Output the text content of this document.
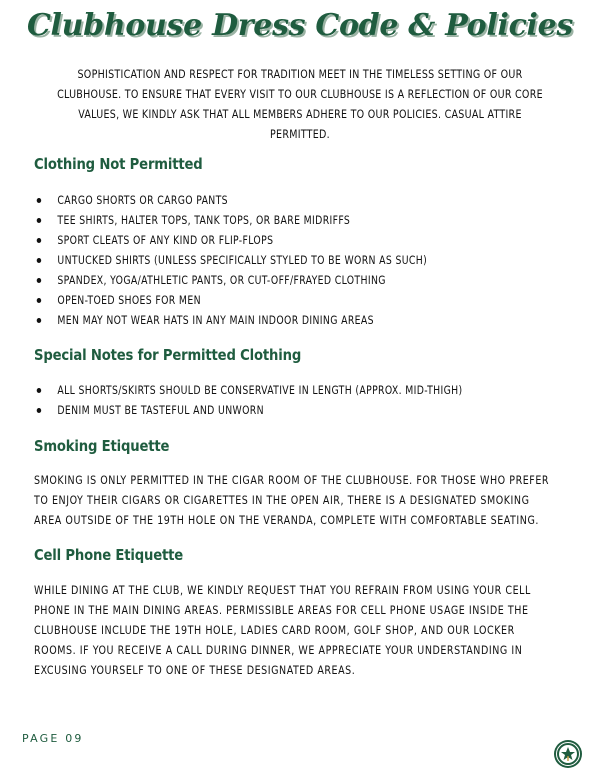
Clubhouse Dress Code & Policies
SOPHISTICATION AND RESPECT FOR TRADITION MEET IN THE TIMELESS SETTING OF OUR CLUBHOUSE. TO ENSURE THAT EVERY VISIT TO OUR CLUBHOUSE IS A REFLECTION OF OUR CORE VALUES, WE KINDLY ASK THAT ALL MEMBERS ADHERE TO OUR POLICIES. CASUAL ATTIRE PERMITTED.
Clothing Not Permitted
CARGO SHORTS OR CARGO PANTS
TEE SHIRTS, HALTER TOPS, TANK TOPS, OR BARE MIDRIFFS
SPORT CLEATS OF ANY KIND OR FLIP-FLOPS
UNTUCKED SHIRTS (UNLESS SPECIFICALLY STYLED TO BE WORN AS SUCH)
SPANDEX, YOGA/ATHLETIC PANTS, OR CUT-OFF/FRAYED CLOTHING
OPEN-TOED SHOES FOR MEN
MEN MAY NOT WEAR HATS IN ANY MAIN INDOOR DINING AREAS
Special Notes for Permitted Clothing
ALL SHORTS/SKIRTS SHOULD BE CONSERVATIVE IN LENGTH (APPROX. MID-THIGH)
DENIM MUST BE TASTEFUL AND UNWORN
Smoking Etiquette
SMOKING IS ONLY PERMITTED IN THE CIGAR ROOM OF THE CLUBHOUSE. FOR THOSE WHO PREFER TO ENJOY THEIR CIGARS OR CIGARETTES IN THE OPEN AIR, THERE IS A DESIGNATED SMOKING AREA OUTSIDE OF THE 19TH HOLE ON THE VERANDA, COMPLETE WITH COMFORTABLE SEATING.
Cell Phone Etiquette
WHILE DINING AT THE CLUB, WE KINDLY REQUEST THAT YOU REFRAIN FROM USING YOUR CELL PHONE IN THE MAIN DINING AREAS. PERMISSIBLE AREAS FOR CELL PHONE USAGE INSIDE THE CLUBHOUSE INCLUDE THE 19TH HOLE, LADIES CARD ROOM, GOLF SHOP, AND OUR LOCKER ROOMS. IF YOU RECEIVE A CALL DURING DINNER, WE APPRECIATE YOUR UNDERSTANDING IN EXCUSING YOURSELF TO ONE OF THESE DESIGNATED AREAS.
PAGE 09
